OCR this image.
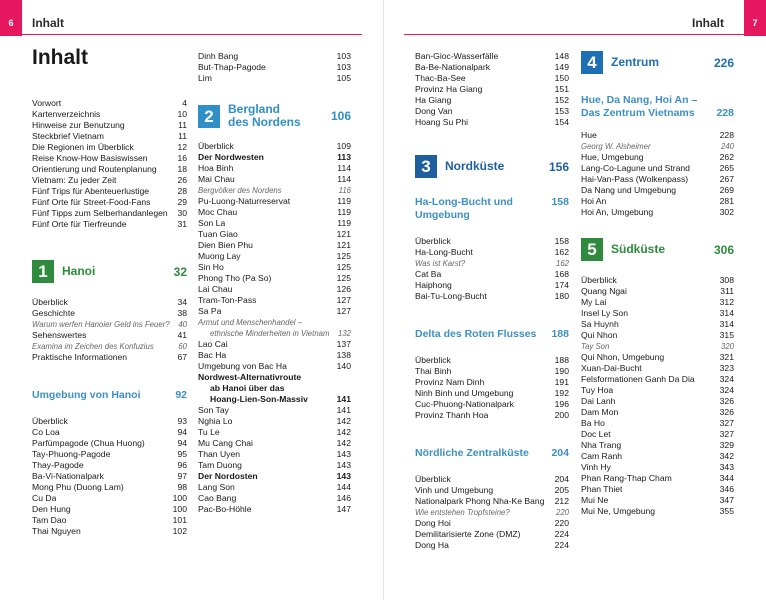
6	Inhalt	Inhalt	7
Inhalt
Vorwort	4
Kartenverzeichnis	10
Hinweise zur Benutzung	11
Steckbrief Vietnam	11
Die Regionen im Überblick	12
Reise Know-How Basiswissen	16
Orientierung und Routenplanung	18
Vietnam: Zu jeder Zeit	26
Fünf Trips für Abenteuerlustige	28
Fünf Orte für Street-Food-Fans	29
Fünf Tipps zum Selberhandanlegen	30
Fünf Orte für Tierfreunde	31
1	Hanoi	32
Überblick	34
Geschichte	38
Warum werfen Hanoier Geld ins Feuer?	40
Sehenswertes	41
Examina im Zeichen des Konfuzius	60
Praktische Informationen	67
Umgebung von Hanoi	92
Überblick	93
Co Loa	94
Parfümpagode (Chua Huong)	94
Tay-Phuong-Pagode	95
Thay-Pagode	96
Ba-Vi-Nationalpark	97
Mong Phu (Duong Lam)	98
Cu Da	100
Den Hung	100
Tam Dao	101
Thai Nguyen	102
Dinh Bang	103
But-Thap-Pagode	103
Lim	105
2	Bergland
des Nordens	106
Überblick	109
Der Nordwesten	113
Hoa Binh	114
Mai Chau	114
Bergvölker des Nordens	116
Pu-Luong-Naturreservat	119
Moc Chau	119
Son La	119
Tuan Giao	121
Dien Bien Phu	121
Muong Lay	125
Sin Ho	125
Phong Tho (Pa So)	125
Lai Chau	126
Tram-Ton-Pass	127
Sa Pa	127
Armut und Menschenhandel –
ethnische Minderheiten in Vietnam	132
Lao Cai	137
Bac Ha	138
Umgebung von Bac Ha	140
Nordwest-Alternativroute
ab Hanoi über das
Hoang-Lien-Son-Massiv	141
Son Tay	141
Nghia Lo	142
Tu Le	142
Mu Cang Chai	142
Than Uyen	143
Tam Duong	143
Der Nordosten	143
Lang Son	144
Cao Bang	146
Pac-Bo-Höhle	147
Ban-Gioc-Wasserfälle	148
Ba-Be-Nationalpark	149
Thac-Ba-See	150
Provinz Ha Giang	151
Ha Giang	152
Dong Van	153
Hoang Su Phi	154
3	Nordküste	156
Ha-Long-Bucht und Umgebung
158
Überblick	158
Ha-Long-Bucht	162
Was ist Karst?	162
Cat Ba	168
Haiphong	174
Bai-Tu-Long-Bucht	180
Delta des Roten Flusses 188
Überblick	188
Thai Binh	190
Provinz Nam Dinh	191
Ninh Binh und Umgebung	192
Cuc-Phuong-Nationalpark	196
Provinz Thanh Hoa	200
Nördliche Zentralküste 204
Überblick	204
Vinh und Umgebung	205
Nationalpark Phong Nha-Ke Bang	212
Wie entstehen Tropfsteine?	220
Dong Hoi	220
Demilitarisierte Zone (DMZ)	224
Dong Ha	224
4	Zentrum	226
Hue, Da Nang, Hoi An –
Das Zentrum Vietnams 228
Hue	228
Georg W. Alsheimer	240
Hue, Umgebung	262
Lang-Co-Lagune und Strand	265
Hai-Van-Pass (Wolkenpass)	267
Da Nang und Umgebung	269
Hoi An	281
Hoi An, Umgebung	302
5	Südküste	306
Überblick	308
Quang Ngai	311
My Lai	312
Insel Ly Son	314
Sa Huynh	314
Qui Nhon	315
Tay Son	320
Qui Nhon, Umgebung	321
Xuan-Dai-Bucht	323
Felsformationen Ganh Da Dia	324
Tuy Hoa	324
Dai Lanh	326
Dam Mon	326
Ba Ho	327
Doc Let	327
Nha Trang	329
Cam Ranh	342
Vinh Hy	343
Phan Rang-Thap Cham	344
Phan Thiet	346
Mui Ne	347
Mui Ne, Umgebung	355
